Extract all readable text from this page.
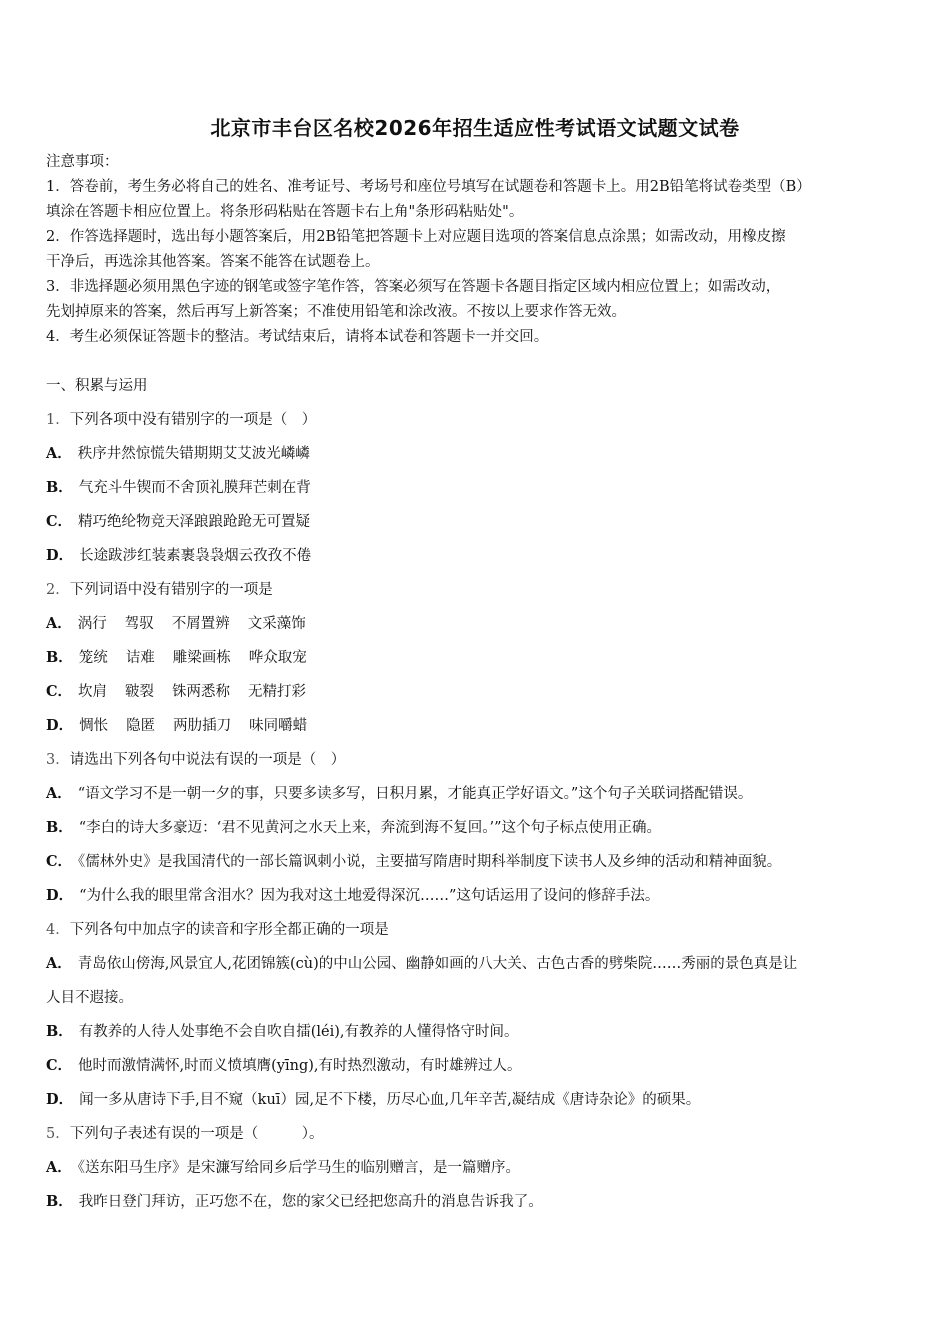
北京市丰台区名校2026年招生适应性考试语文试题文试卷
注意事项：
1．答卷前，考生务必将自己的姓名、准考证号、考场号和座位号填写在试题卷和答题卡上。用2B铅笔将试卷类型（B）
填涂在答题卡相应位置上。将条形码粘贴在答题卡右上角"条形码粘贴处"。
2．作答选择题时，选出每小题答案后，用2B铅笔把答题卡上对应题目选项的答案信息点涂黑；如需改动，用橡皮擦
干净后，再选涂其他答案。答案不能答在试题卷上。
3．非选择题必须用黑色字迹的钢笔或签字笔作答，答案必须写在答题卡各题目指定区域内相应位置上；如需改动，
先划掉原来的答案，然后再写上新答案；不准使用铅笔和涂改液。不按以上要求作答无效。
4．考生必须保证答题卡的整洁。考试结束后，请将本试卷和答题卡一并交回。
一、积累与运用
1．下列各项中没有错别字的一项是（　）
A． 秩序井然惊慌失错期期艾艾波光嶙嶙
B． 气充斗牛锲而不舍顶礼膜拜芒刺在背
C． 精巧绝纶物竞天泽踉踉跄跄无可置疑
D． 长途跋涉红装素裹袅袅烟云孜孜不倦
2．下列词语中没有错别字的一项是
A． 涡行 驾驭 不屑置辨 文采藻饰
B． 笼统 诘难 雕梁画栋 哗众取宠
C． 坎肩 皲裂 铢两悉称 无精打彩
D． 惆怅 隐匿 两肋插刀 味同嚼蜡
3．请选出下列各句中说法有误的一项是（　）
A． “语文学习不是一朝一夕的事，只要多读多写，日积月累，才能真正学好语文。”这个句子关联词搭配错误。
B． “李白的诗大多豪迈：‘君不见黄河之水天上来，奔流到海不复回。’”这个句子标点使用正确。
C． 《儒林外史》是我国清代的一部长篇讽刺小说，主要描写隋唐时期科举制度下读书人及乡绅的活动和精神面貌。
D． “为什么我的眼里常含泪水？因为我对这土地爱得深沉……”这句话运用了设问的修辞手法。
4．下列各句中加点字的读音和字形全都正确的一项是
A． 青岛依山傍海,风景宜人,花团锦簇(cù)的中山公园、幽静如画的八大关、古色古香的劈柴院……秀丽的景色真是让
人目不遐接。
B． 有教养的人待人处事绝不会自吹自擂(léi),有教养的人懂得恪守时间。
C． 他时而激情满怀,时而义愤填膺(yīng),有时热烈激动，有时雄辨过人。
D． 闻一多从唐诗下手,目不窥（kuī）园,足不下楼，历尽心血,几年辛苦,凝结成《唐诗杂论》的硕果。
5．下列句子表述有误的一项是（　　　）。
A． 《送东阳马生序》是宋濂写给同乡后学马生的临别赠言，是一篇赠序。
B． 我昨日登门拜访，正巧您不在，您的家父已经把您高升的消息告诉我了。
